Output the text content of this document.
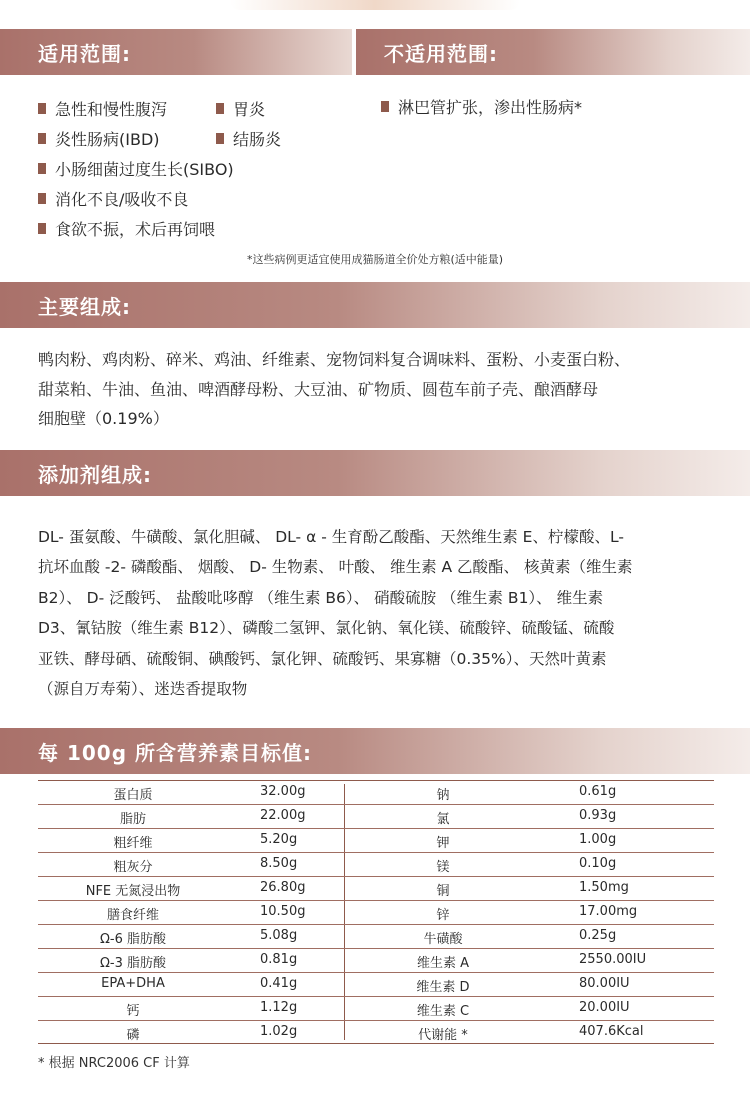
适用范围:	不适用范围:
急性和慢性腹泻	胃炎
炎性肠病(IBD)	结肠炎
小肠细菌过度生长(SIBO)
消化不良/吸收不良
食欲不振，术后再饲喂
淋巴管扩张，渗出性肠病*
*这些病例更适宜使用成猫肠道全价处方粮(适中能量)
主要组成:
鸭肉粉、鸡肉粉、碎米、鸡油、纤维素、宠物饲料复合调味料、蛋粉、小麦蛋白粉、
甜菜粕、牛油、鱼油、啤酒酵母粉、大豆油、矿物质、圆苞车前子壳、酿酒酵母
细胞壁（0.19%）
添加剂组成:
DL- 蛋氨酸、牛磺酸、氯化胆碱、 DL- α - 生育酚乙酸酯、天然维生素 E、柠檬酸、L-
抗坏血酸 -2- 磷酸酯、 烟酸、 D- 生物素、 叶酸、 维生素 A 乙酸酯、 核黄素（维生素
B2）、 D- 泛酸钙、 盐酸吡哆醇 （维生素 B6）、 硝酸硫胺 （维生素 B1）、 维生素
D3、氰钴胺（维生素 B12）、磷酸二氢钾、氯化钠、氧化镁、硫酸锌、硫酸锰、硫酸
亚铁、酵母硒、硫酸铜、碘酸钙、氯化钾、硫酸钙、果寡糖（0.35%）、天然叶黄素
（源自万寿菊）、迷迭香提取物
每 100g 所含营养素目标值:
蛋白质	32.00g	钠	0.61g
脂肪	22.00g	氯	0.93g
粗纤维	5.20g	钾	1.00g
粗灰分	8.50g	镁	0.10g
NFE 无氮浸出物	26.80g	铜	1.50mg
膳食纤维	10.50g	锌	17.00mg
Ω-6 脂肪酸	5.08g	牛磺酸	0.25g
Ω-3 脂肪酸	0.81g	维生素 A	2550.00IU
EPA+DHA	0.41g	维生素 D	80.00IU
钙	1.12g	维生素 C	20.00IU
磷	1.02g	代谢能 *	407.6Kcal
* 根据 NRC2006 CF 计算
